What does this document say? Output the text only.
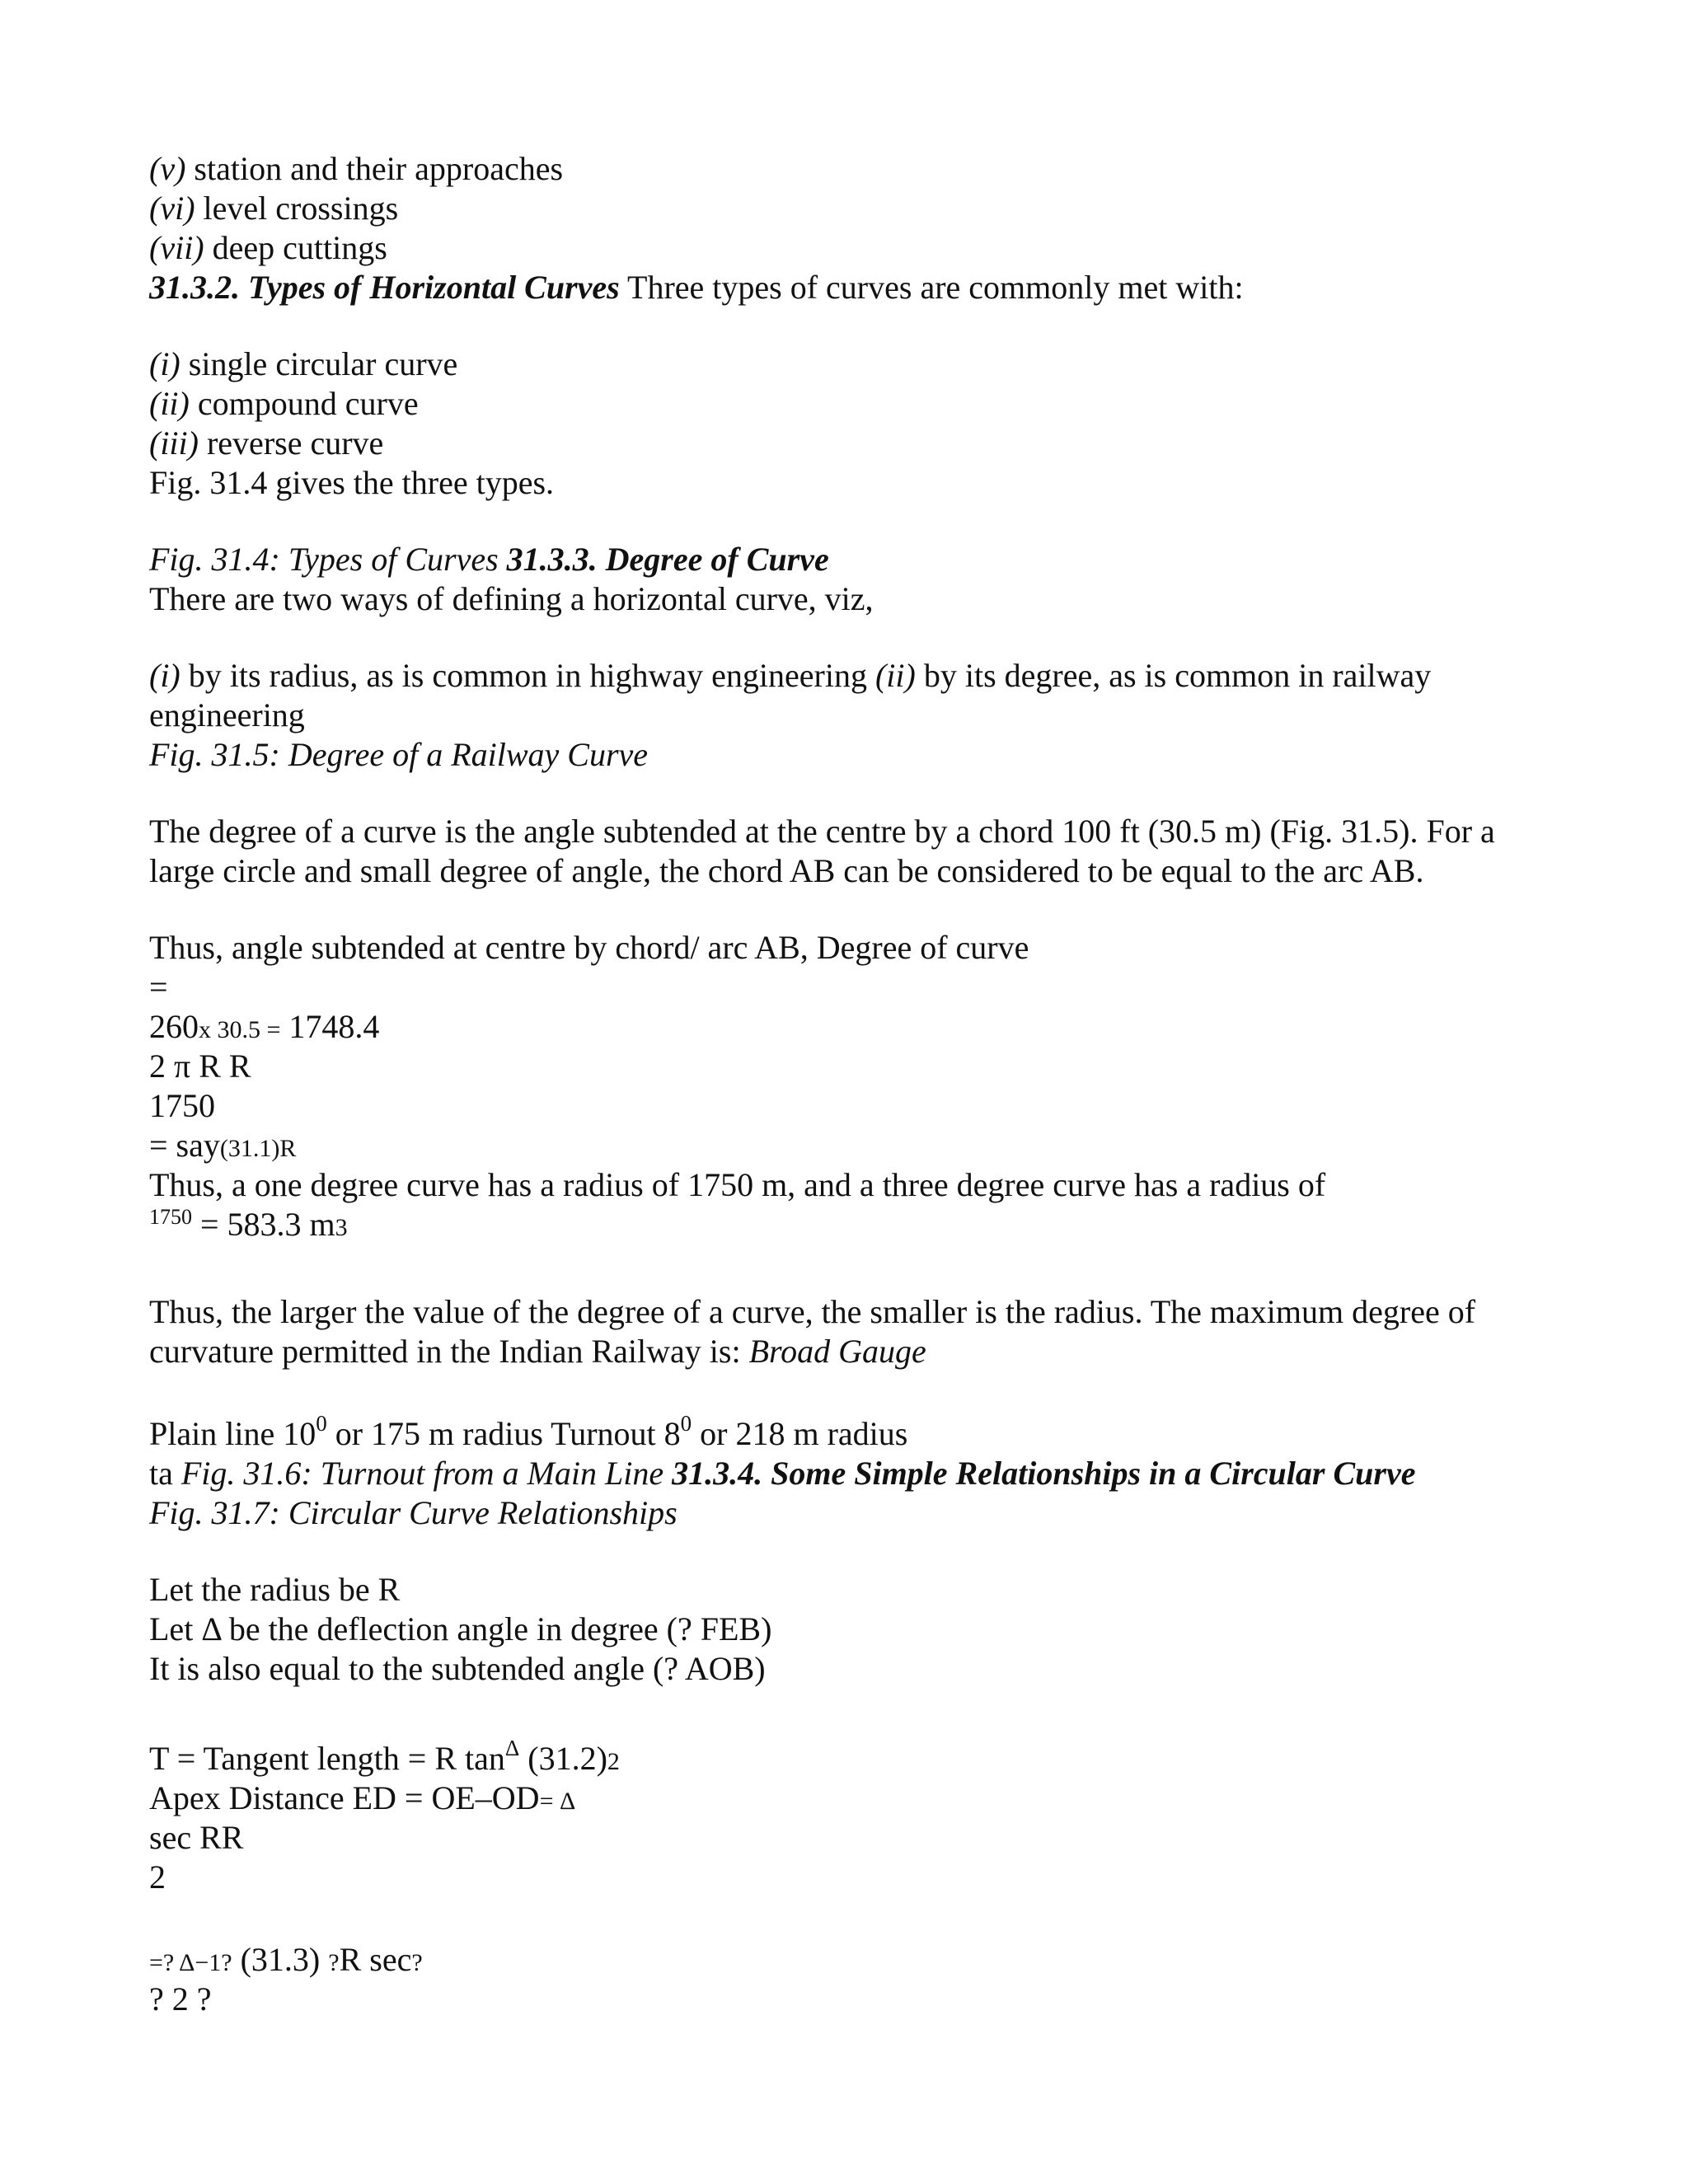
(v) station and their approaches
(vi) level crossings
(vii) deep cuttings
31.3.2. Types of Horizontal Curves Three types of curves are commonly met with:
(i) single circular curve
(ii) compound curve
(iii) reverse curve
Fig. 31.4 gives the three types.
Fig. 31.4: Types of Curves 31.3.3. Degree of Curve
There are two ways of defining a horizontal curve, viz,
(i) by its radius, as is common in highway engineering (ii) by its degree, as is common in railway
engineering
Fig. 31.5: Degree of a Railway Curve
The degree of a curve is the angle subtended at the centre by a chord 100 ft (30.5 m) (Fig. 31.5). For a
large circle and small degree of angle, the chord AB can be considered to be equal to the arc AB.
Thus, angle subtended at centre by chord/ arc AB, Degree of curve
=
260x 30.5 = 1748.4
2 π R R
1750
= say(31.1)R
Thus, a one degree curve has a radius of 1750 m, and a three degree curve has a radius of
$^{1750}$ = 583.3 m3
Thus, the larger the value of the degree of a curve, the smaller is the radius. The maximum degree of
curvature permitted in the Indian Railway is: Broad Gauge
Plain line $10^0$ or 175 m radius Turnout $8^0$ or 218 m radius
ta Fig. 31.6: Turnout from a Main Line 31.3.4. Some Simple Relationships in a Circular Curve
Fig. 31.7: Circular Curve Relationships
Let the radius be R
Let Δ be the deflection angle in degree (? FEB)
It is also equal to the subtended angle (? AOB)
T = Tangent length = R $\tan^\Delta (31.2)2$
Apex Distance ED = OE–OD= Δ
sec RR
2
=? Δ−1? (31.3) ?R sec?
? 2 ?
